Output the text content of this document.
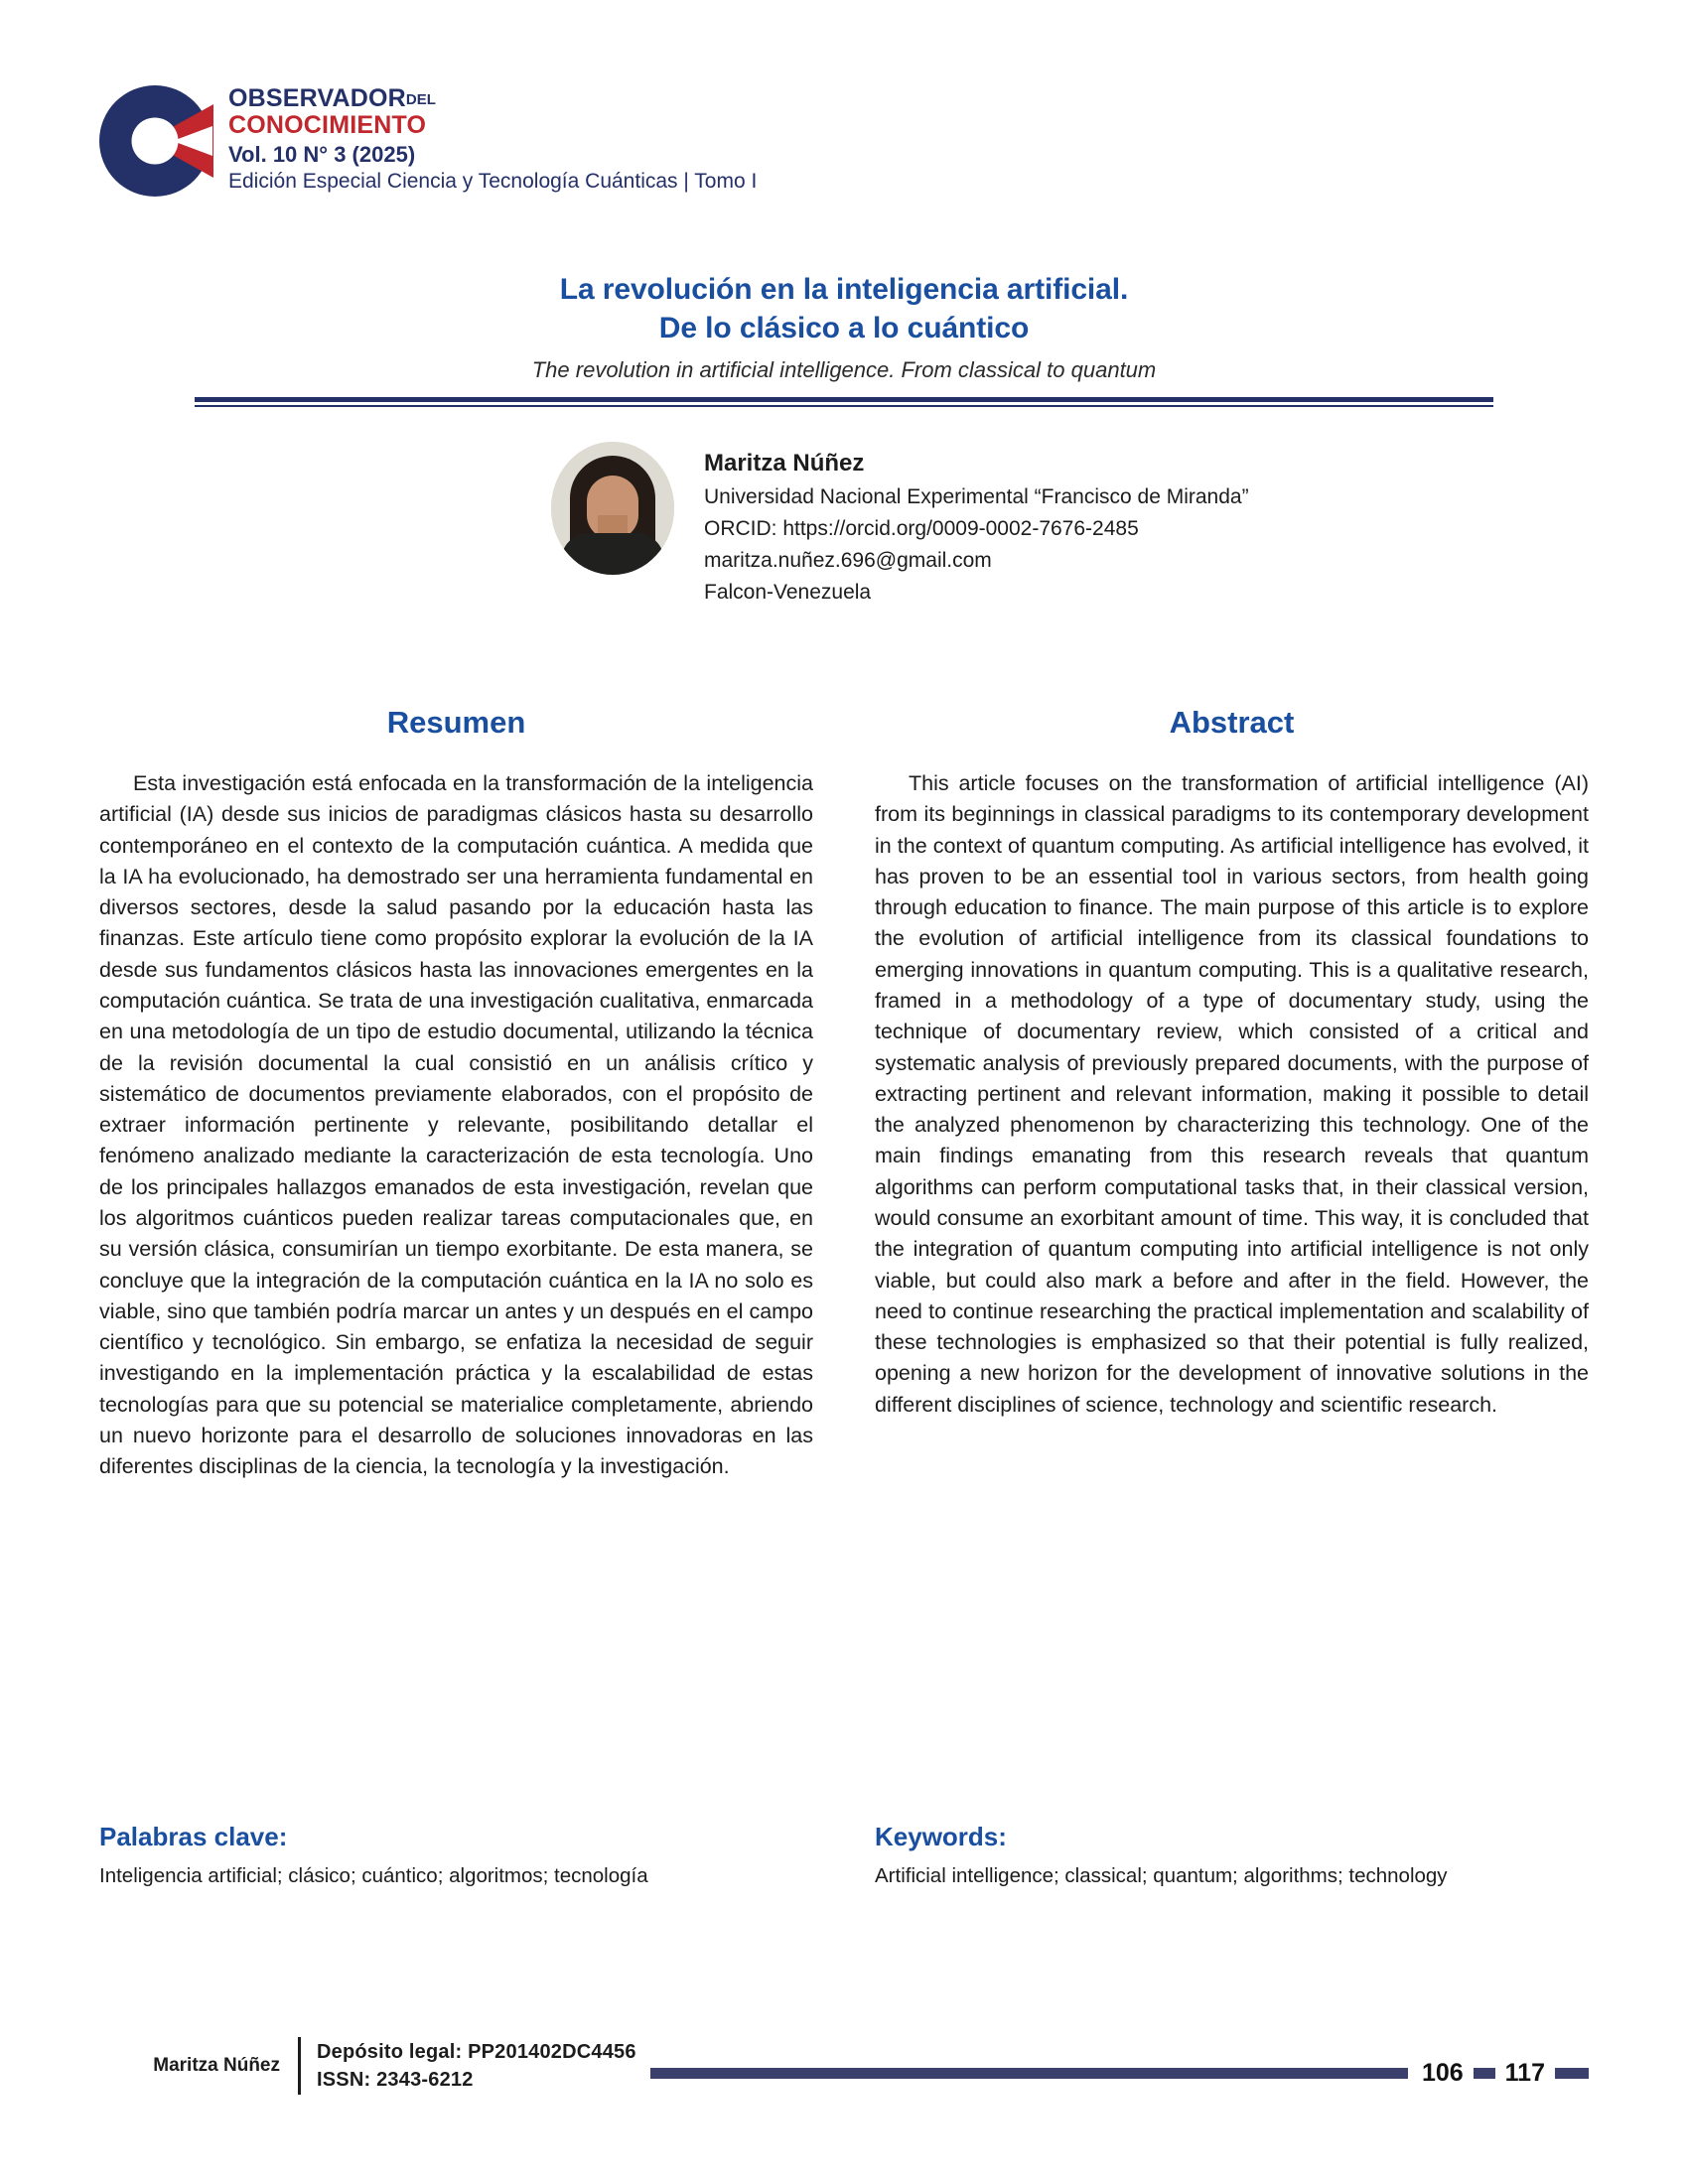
OBSERVADORDEL
CONOCIMIENTO
Vol. 10 N° 3 (2025)
Edición Especial Ciencia y Tecnología Cuánticas | Tomo I
La revolución en la inteligencia artificial.
De lo clásico a lo cuántico
The revolution in artificial intelligence. From classical to quantum
Maritza Núñez
Universidad Nacional Experimental “Francisco de Miranda”
ORCID: https://orcid.org/0009-0002-7676-2485
maritza.nuñez.696@gmail.com
Falcon-Venezuela
Resumen
Esta investigación está enfocada en la transformación de la inteligencia artificial (IA) desde sus inicios de paradigmas clásicos hasta su desarrollo contemporáneo en el contexto de la computación cuántica. A medida que la IA ha evolucionado, ha demostrado ser una herramienta fundamental en diversos sectores, desde la salud pasando por la educación hasta las finanzas. Este artículo tiene como propósito explorar la evolución de la IA desde sus fundamentos clásicos hasta las innovaciones emergentes en la computación cuántica. Se trata de una investigación cualitativa, enmarcada en una metodología de un tipo de estudio documental, utilizando la técnica de la revisión documental la cual consistió en un análisis crítico y sistemático de documentos previamente elaborados, con el propósito de extraer información pertinente y relevante, posibilitando detallar el fenómeno analizado mediante la caracterización de esta tecnología. Uno de los principales hallazgos emanados de esta investigación, revelan que los algoritmos cuánticos pueden realizar tareas computacionales que, en su versión clásica, consumirían un tiempo exorbitante. De esta manera, se concluye que la integración de la computación cuántica en la IA no solo es viable, sino que también podría marcar un antes y un después en el campo científico y tecnológico. Sin embargo, se enfatiza la necesidad de seguir investigando en la implementación práctica y la escalabilidad de estas tecnologías para que su potencial se materialice completamente, abriendo un nuevo horizonte para el desarrollo de soluciones innovadoras en las diferentes disciplinas de la ciencia, la tecnología y la investigación.
Abstract
This article focuses on the transformation of artificial intelligence (AI) from its beginnings in classical paradigms to its contemporary development in the context of quantum computing. As artificial intelligence has evolved, it has proven to be an essential tool in various sectors, from health going through education to finance. The main purpose of this article is to explore the evolution of artificial intelligence from its classical foundations to emerging innovations in quantum computing. This is a qualitative research, framed in a methodology of a type of documentary study, using the technique of documentary review, which consisted of a critical and systematic analysis of previously prepared documents, with the purpose of extracting pertinent and relevant information, making it possible to detail the analyzed phenomenon by characterizing this technology. One of the main findings emanating from this research reveals that quantum algorithms can perform computational tasks that, in their classical version, would consume an exorbitant amount of time. This way, it is concluded that the integration of quantum computing into artificial intelligence is not only viable, but could also mark a before and after in the field. However, the need to continue researching the practical implementation and scalability of these technologies is emphasized so that their potential is fully realized, opening a new horizon for the development of innovative solutions in the different disciplines of science, technology and scientific research.
Palabras clave:
Inteligencia artificial; clásico; cuántico; algoritmos; tecnología
Keywords:
Artificial intelligence; classical; quantum; algorithms; technology
Maritza Núñez
Depósito legal: PP201402DC4456
ISSN: 2343-6212	106 117
